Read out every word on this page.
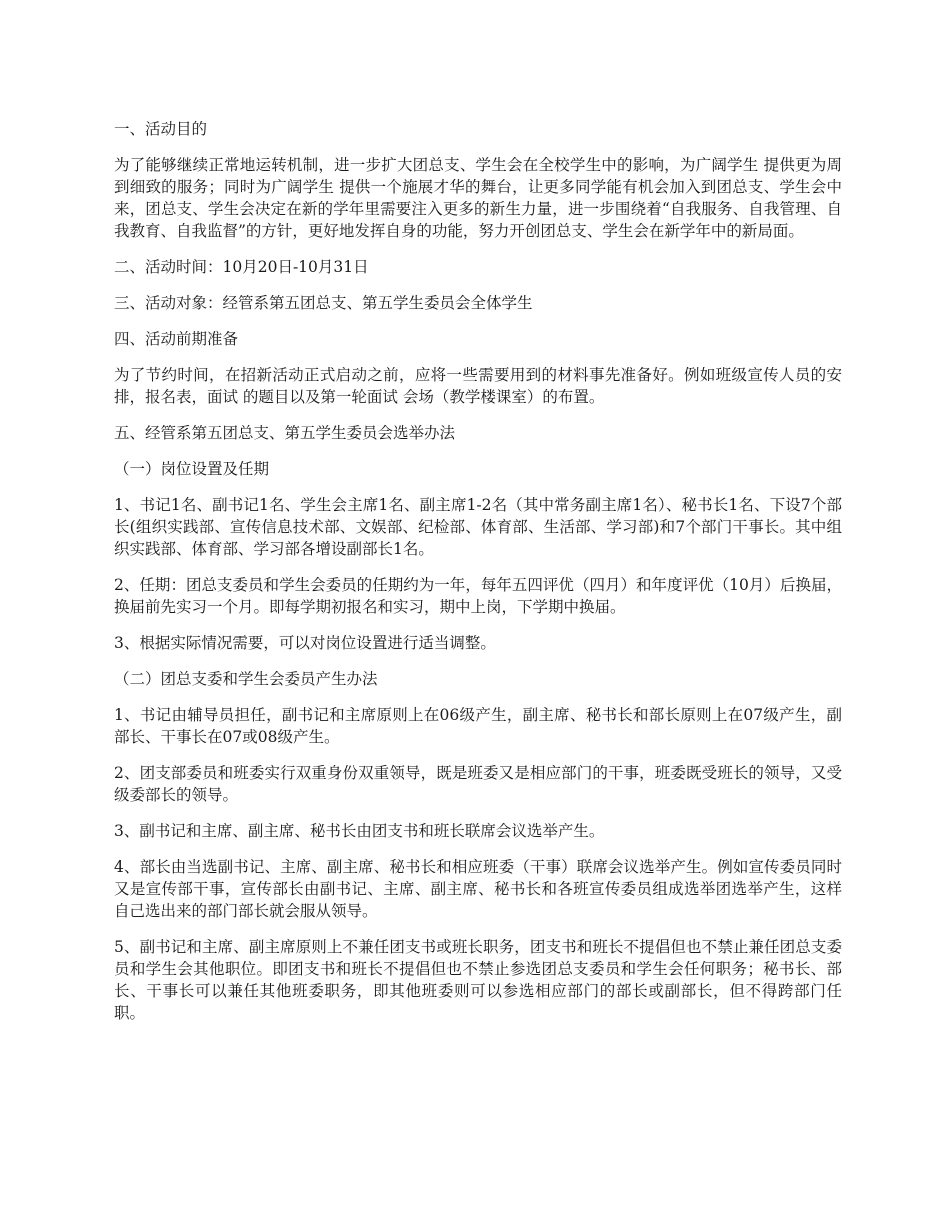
一、活动目的

为了能够继续正常地运转机制，进一步扩大团总支、学生会在全校学生中的影响，为广阔学生 提供更为周到细致的服务；同时为广阔学生 提供一个施展才华的舞台，让更多同学能有机会加入到团总支、学生会中来，团总支、学生会决定在新的学年里需要注入更多的新生力量，进一步围绕着“自我服务、自我管理、自我教育、自我监督”的方针，更好地发挥自身的功能，努力开创团总支、学生会在新学年中的新局面。

二、活动时间：10月20日-10月31日

三、活动对象：经管系第五团总支、第五学生委员会全体学生

四、活动前期准备

为了节约时间，在招新活动正式启动之前，应将一些需要用到的材料事先准备好。例如班级宣传人员的安排，报名表，面试 的题目以及第一轮面试 会场（教学楼课室）的布置。

五、经管系第五团总支、第五学生委员会选举办法

（一）岗位设置及任期

1、书记1名、副书记1名、学生会主席1名、副主席1-2名（其中常务副主席1名）、秘书长1名、下设7个部长(组织实践部、宣传信息技术部、文娱部、纪检部、体育部、生活部、学习部)和7个部门干事长。其中组织实践部、体育部、学习部各增设副部长1名。

2、任期：团总支委员和学生会委员的任期约为一年，每年五四评优（四月）和年度评优（10月）后换届，换届前先实习一个月。即每学期初报名和实习，期中上岗，下学期中换届。

3、根据实际情况需要，可以对岗位设置进行适当调整。

（二）团总支委和学生会委员产生办法

1、书记由辅导员担任，副书记和主席原则上在06级产生，副主席、秘书长和部长原则上在07级产生，副部长、干事长在07或08级产生。

2、团支部委员和班委实行双重身份双重领导，既是班委又是相应部门的干事，班委既受班长的领导，又受级委部长的领导。

3、副书记和主席、副主席、秘书长由团支书和班长联席会议选举产生。

4、部长由当选副书记、主席、副主席、秘书长和相应班委（干事）联席会议选举产生。例如宣传委员同时又是宣传部干事，宣传部长由副书记、主席、副主席、秘书长和各班宣传委员组成选举团选举产生，这样自己选出来的部门部长就会服从领导。

5、副书记和主席、副主席原则上不兼任团支书或班长职务，团支书和班长不提倡但也不禁止兼任团总支委员和学生会其他职位。即团支书和班长不提倡但也不禁止参选团总支委员和学生会任何职务；秘书长、部长、干事长可以兼任其他班委职务，即其他班委则可以参选相应部门的部长或副部长，但不得跨部门任职。
